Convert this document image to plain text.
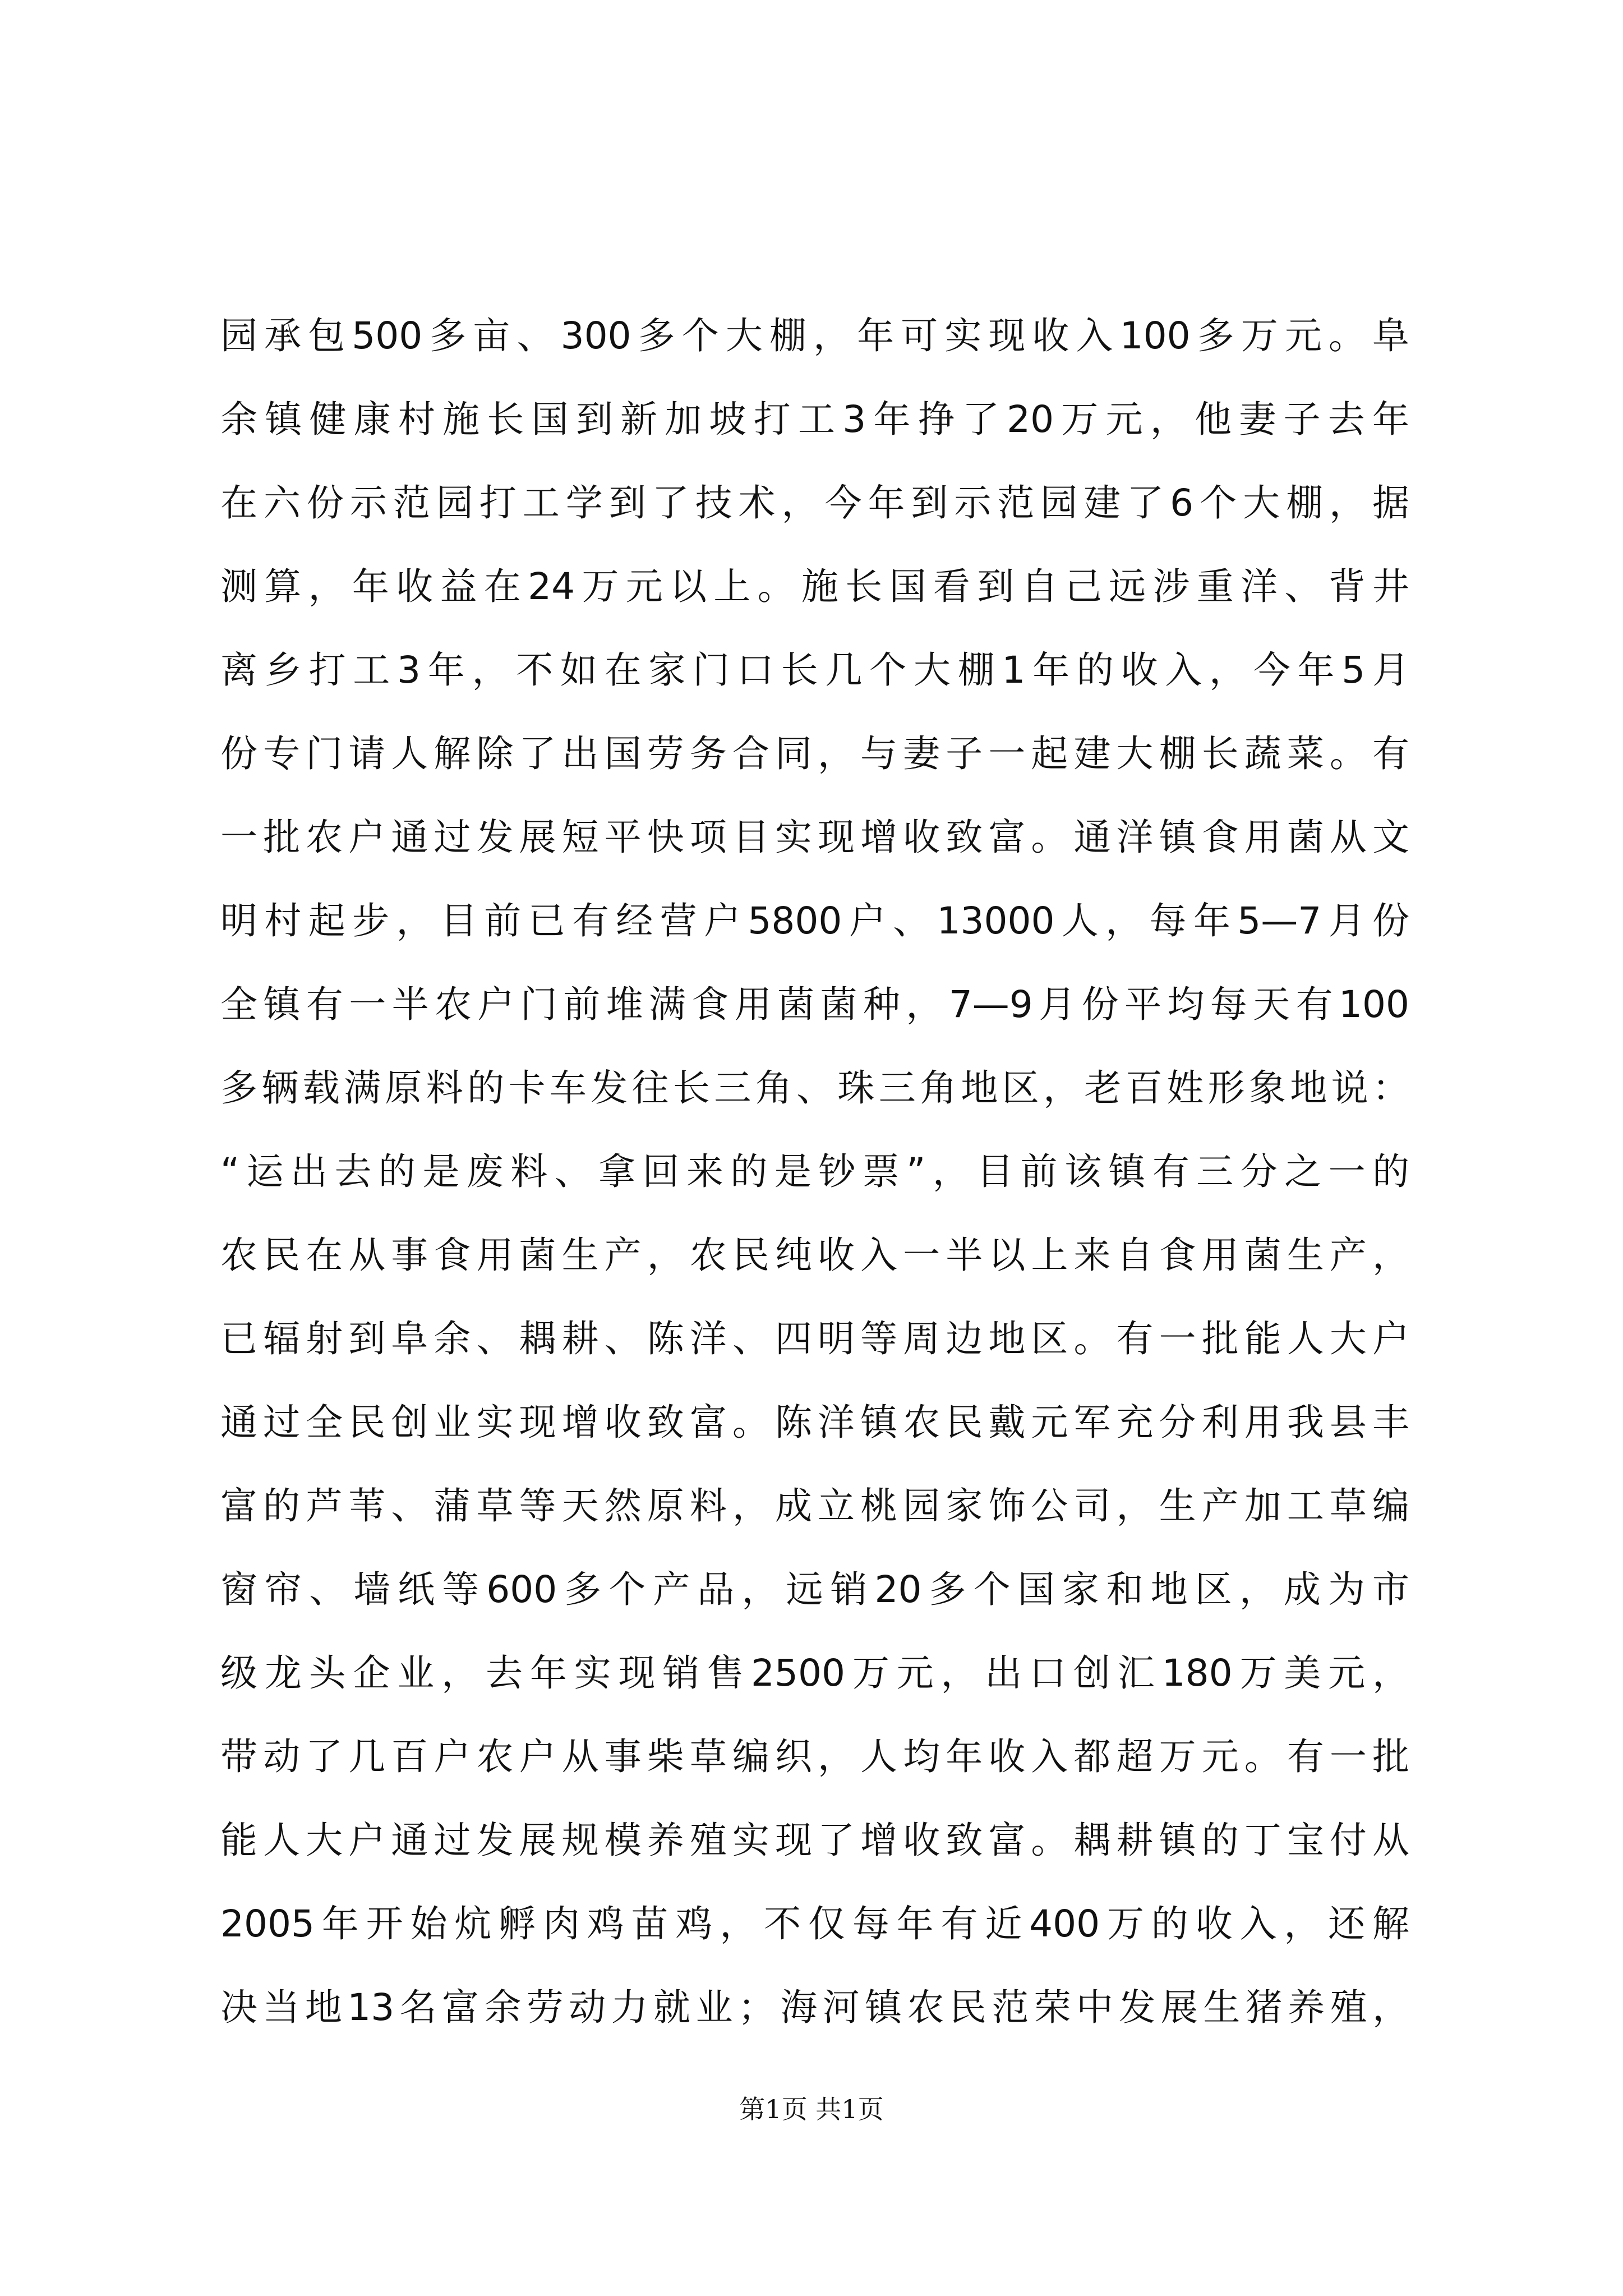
园承包500多亩、300多个大棚，年可实现收入100多万元。阜
余镇健康村施长国到新加坡打工3年挣了20万元，他妻子去年
在六份示范园打工学到了技术，今年到示范园建了6个大棚，据
测算，年收益在24万元以上。施长国看到自己远涉重洋、背井
离乡打工3年，不如在家门口长几个大棚1年的收入，今年5月
份专门请人解除了出国劳务合同，与妻子一起建大棚长蔬菜。有
一批农户通过发展短平快项目实现增收致富。通洋镇食用菌从文
明村起步，目前已有经营户5800户、13000人，每年5—7月份
全镇有一半农户门前堆满食用菌菌种，7—9月份平均每天有100
多辆载满原料的卡车发往长三角、珠三角地区，老百姓形象地说：
“运出去的是废料、拿回来的是钞票”，目前该镇有三分之一的
农民在从事食用菌生产，农民纯收入一半以上来自食用菌生产，
已辐射到阜余、耦耕、陈洋、四明等周边地区。有一批能人大户
通过全民创业实现增收致富。陈洋镇农民戴元军充分利用我县丰
富的芦苇、蒲草等天然原料，成立桃园家饰公司，生产加工草编
窗帘、墙纸等600多个产品，远销20多个国家和地区，成为市
级龙头企业，去年实现销售2500万元，出口创汇180万美元，
带动了几百户农户从事柴草编织，人均年收入都超万元。有一批
能人大户通过发展规模养殖实现了增收致富。耦耕镇的丁宝付从
2005年开始炕孵肉鸡苗鸡，不仅每年有近400万的收入，还解
决当地13名富余劳动力就业；海河镇农民范荣中发展生猪养殖，
第1页 共1页
